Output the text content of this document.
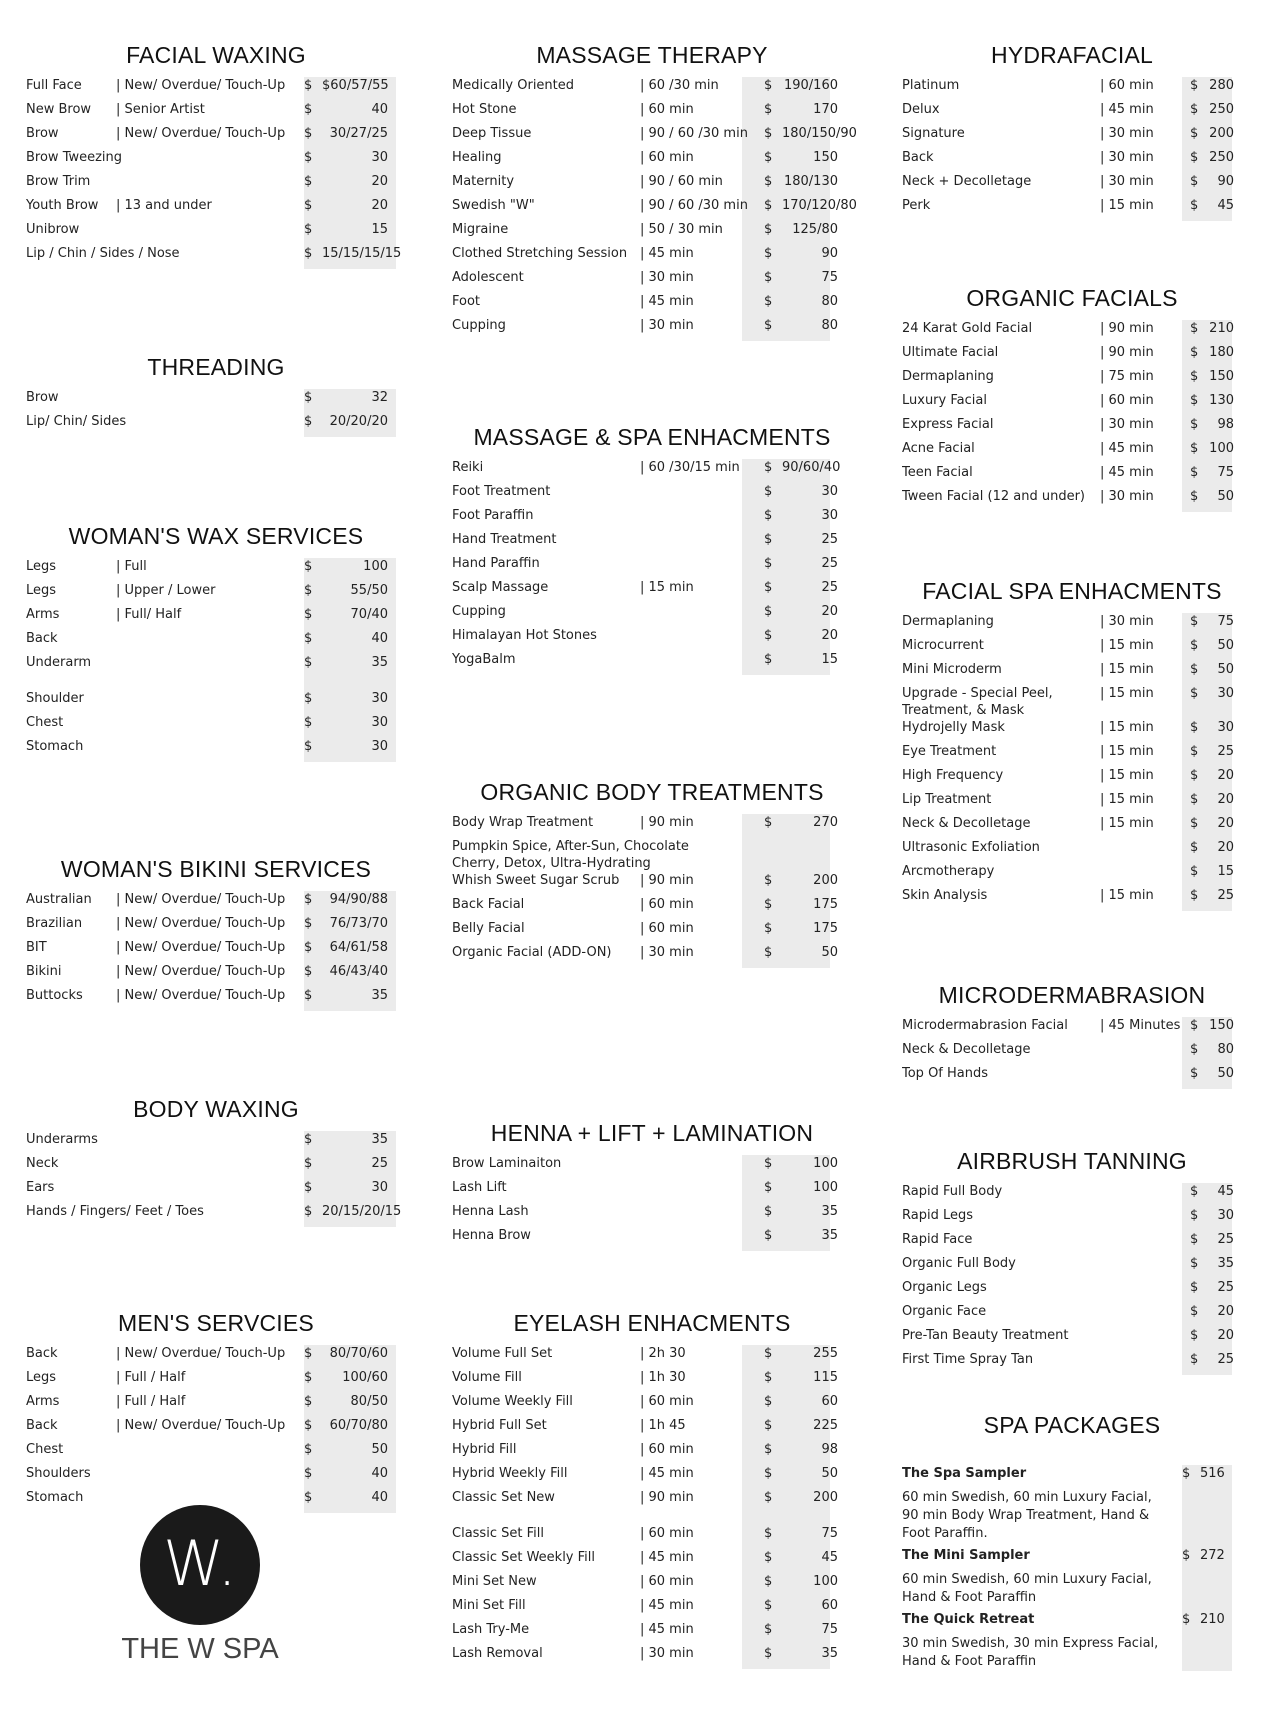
FACIAL WAXING
Full Face	| New/ Overdue/ Touch-Up	$ $60/57/55
New Brow	| Senior Artist	$	40
Brow	| New/ Overdue/ Touch-Up	$	30/27/25
Brow Tweezing	$	30
Brow Trim	$	20
Youth Brow	| 13 and under	$	20
Unibrow	$	15
Lip / Chin / Sides / Nose	$ 15/15/15/15
THREADING
Brow	$	32
Lip/ Chin/ Sides	$	20/20/20
WOMAN'S WAX SERVICES
Legs	| Full	$	100
Legs	| Upper / Lower	$	55/50
Arms	| Full/ Half	$	70/40
Back	$	40
Underarm	$	35
Shoulder	$	30
Chest	$	30
Stomach	$	30
WOMAN'S BIKINI SERVICES
Australian	| New/ Overdue/ Touch-Up	$	94/90/88
Brazilian	| New/ Overdue/ Touch-Up	$	76/73/70
BIT	| New/ Overdue/ Touch-Up	$	64/61/58
Bikini	| New/ Overdue/ Touch-Up	$	46/43/40
Buttocks	| New/ Overdue/ Touch-Up	$	35
BODY WAXING
Underarms	$	35
Neck	$	25
Ears	$	30
Hands / Fingers/ Feet / Toes	$ 20/15/20/15
MEN'S SERVCIES
Back	| New/ Overdue/ Touch-Up	$	80/70/60
Legs	| Full / Half	$	100/60
Arms	| Full / Half	$	80/50
Back	| New/ Overdue/ Touch-Up	$	60/70/80
Chest	$	50
Shoulders	$	40
Stomach	$	40
W.
THE W SPA
MASSAGE THERAPY
Medically Oriented	| 60 /30 min	$ 190/160
Hot Stone	| 60 min	$	170
Deep Tissue	| 90 / 60 /30 min	$ 180/150/90
Healing	| 60 min	$	150
Maternity	| 90 / 60 min	$ 180/130
Swedish "W"	| 90 / 60 /30 min	$ 170/120/80
Migraine	| 50 / 30 min	$	125/80
Clothed Stretching Session | 45 min	$	90
Adolescent	| 30 min	$	75
Foot	| 45 min	$	80
Cupping	| 30 min	$	80
MASSAGE & SPA ENHACMENTS
Reiki	| 60 /30/15 min	$ 90/60/40
Foot Treatment	$	30
Foot Paraffin	$	30
Hand Treatment	$	25
Hand Paraffin	$	25
Scalp Massage	| 15 min	$	25
Cupping	$	20
Himalayan Hot Stones	$	20
YogaBalm	$	15
ORGANIC BODY TREATMENTS
Body Wrap Treatment	| 90 min	$	270
Pumpkin Spice, After-Sun, Chocolate Cherry, Detox, Ultra-Hydrating
Whish Sweet Sugar Scrub	| 90 min	$	200
Back Facial	| 60 min	$	175
Belly Facial	| 60 min	$	175
Organic Facial (ADD-ON)	| 30 min	$	50
HENNA + LIFT + LAMINATION
Brow Laminaiton	$	100
Lash Lift	$	100
Henna Lash	$	35
Henna Brow	$	35
EYELASH ENHACMENTS
Volume Full Set	| 2h 30	$	255
Volume Fill	| 1h 30	$	115
Volume Weekly Fill	| 60 min	$	60
Hybrid Full Set	| 1h 45	$	225
Hybrid Fill	| 60 min	$	98
Hybrid Weekly Fill	| 45 min	$	50
Classic Set New	| 90 min	$	200
Classic Set Fill	| 60 min	$	75
Classic Set Weekly Fill	| 45 min	$	45
Mini Set New	| 60 min	$	100
Mini Set Fill	| 45 min	$	60
Lash Try-Me	| 45 min	$	75
Lash Removal	| 30 min	$	35
HYDRAFACIAL
Platinum	| 60 min	$ 280
Delux	| 45 min	$ 250
Signature	| 30 min	$ 200
Back	| 30 min	$ 250
Neck + Decolletage	| 30 min	$	90
Perk	| 15 min	$	45
ORGANIC FACIALS
24 Karat Gold Facial	| 90 min	$ 210
Ultimate Facial	| 90 min	$ 180
Dermaplaning	| 75 min	$ 150
Luxury Facial	| 60 min	$ 130
Express Facial	| 30 min	$	98
Acne Facial	| 45 min	$ 100
Teen Facial	| 45 min	$	75
Tween Facial (12 and under)	| 30 min	$	50
FACIAL SPA ENHACMENTS
Dermaplaning	| 30 min	$	75
Microcurrent	| 15 min	$	50
Mini Microderm	| 15 min	$	50
Upgrade - Special Peel, Treatment, & Mask
| 15 min	$	30
Hydrojelly Mask	| 15 min	$	30
Eye Treatment	| 15 min	$	25
High Frequency	| 15 min	$	20
Lip Treatment	| 15 min	$	20
Neck & Decolletage	| 15 min	$	20
Ultrasonic Exfoliation	$	20
Arcmotherapy	$	15
Skin Analysis	| 15 min	$	25
MICRODERMABRASION
Microdermabrasion Facial	| 45 Minutes $ 150
Neck & Decolletage	$	80
Top Of Hands	$	50
AIRBRUSH TANNING
Rapid Full Body	$	45
Rapid Legs	$	30
Rapid Face	$	25
Organic Full Body	$	35
Organic Legs	$	25
Organic Face	$	20
Pre-Tan Beauty Treatment	$	20
First Time Spray Tan	$	25
SPA PACKAGES
The Spa Sampler	$ 516
60 min Swedish, 60 min Luxury Facial, 90 min Body Wrap Treatment, Hand & Foot Paraffin.
The Mini Sampler	$ 272
60 min Swedish, 60 min Luxury Facial, Hand & Foot Paraffin
The Quick Retreat	$ 210
30 min Swedish, 30 min Express Facial, Hand & Foot Paraffin
